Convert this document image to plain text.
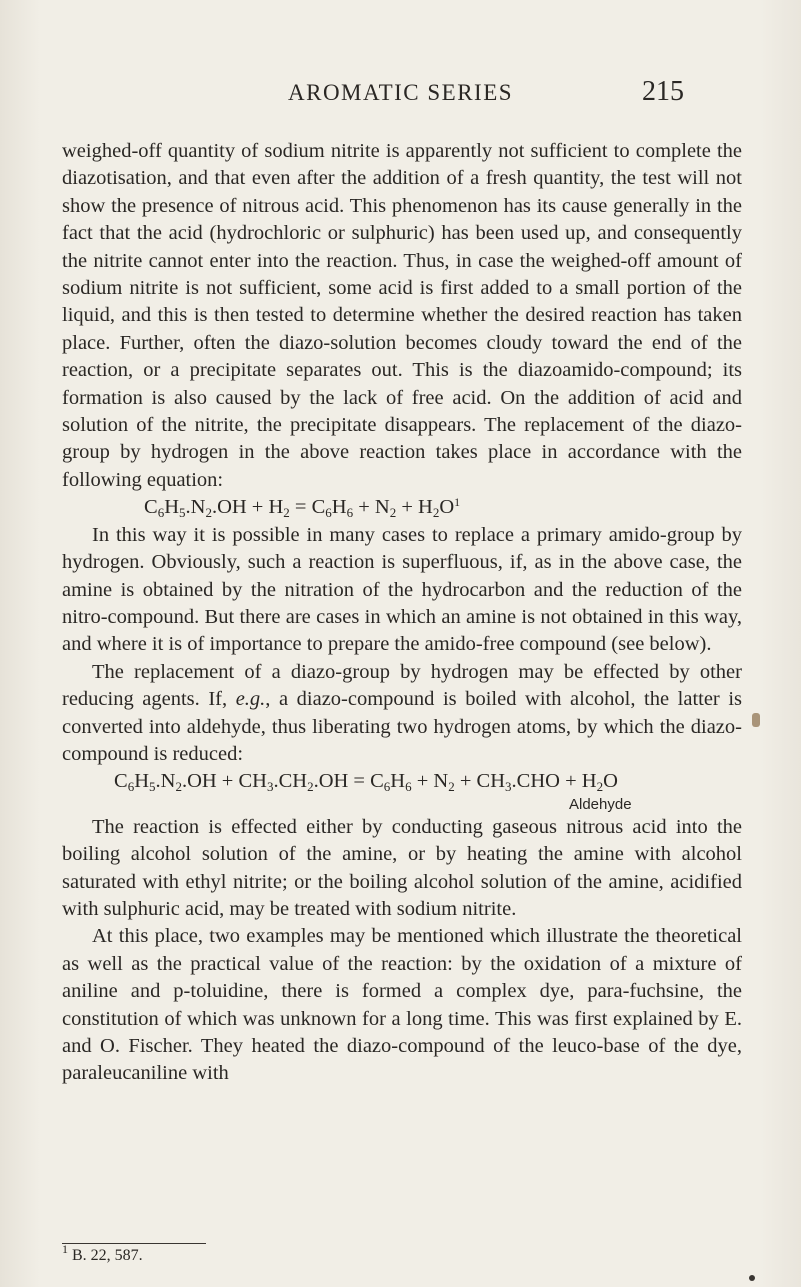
AROMATIC SERIES	215

weighed-off quantity of sodium nitrite is apparently not sufficient to complete the diazotisation, and that even after the addition of a fresh quantity, the test will not show the presence of nitrous acid. This phenomenon has its cause generally in the fact that the acid (hydrochloric or sulphuric) has been used up, and consequently the nitrite cannot enter into the reaction. Thus, in case the weighed-off amount of sodium nitrite is not sufficient, some acid is first added to a small portion of the liquid, and this is then tested to determine whether the desired reaction has taken place. Further, often the diazo-solution becomes cloudy toward the end of the reaction, or a precipitate separates out. This is the diazoamido-compound; its formation is also caused by the lack of free acid. On the addition of acid and solution of the nitrite, the precipitate disappears. The replacement of the diazo-group by hydrogen in the above reaction takes place in accordance with the following equation:

$C_6H_5.N_2.OH + H_2 = C_6H_6 + N_2 + H_2O^1$

In this way it is possible in many cases to replace a primary amido-group by hydrogen. Obviously, such a reaction is superfluous, if, as in the above case, the amine is obtained by the nitration of the hydrocarbon and the reduction of the nitro-compound. But there are cases in which an amine is not obtained in this way, and where it is of importance to prepare the amido-free compound (see below).

The replacement of a diazo-group by hydrogen may be effected by other reducing agents. If, e.g., a diazo-compound is boiled with alcohol, the latter is converted into aldehyde, thus liberating two hydrogen atoms, by which the diazo-compound is reduced:

$C_6H_5.N_2.OH + CH_3.CH_2.OH = C_6H_6 + N_2 + CH_3.CHO + H_2O$

Aldehyde

The reaction is effected either by conducting gaseous nitrous acid into the boiling alcohol solution of the amine, or by heating the amine with alcohol saturated with ethyl nitrite; or the boiling alcohol solution of the amine, acidified with sulphuric acid, may be treated with sodium nitrite.

At this place, two examples may be mentioned which illustrate the theoretical as well as the practical value of the reaction: by the oxidation of a mixture of aniline and p-toluidine, there is formed a complex dye, para-fuchsine, the constitution of which was unknown for a long time. This was first explained by E. and O. Fischer. They heated the diazo-compound of the leuco-base of the dye, paraleucaniline with

$^1$ B. 22, 587.
